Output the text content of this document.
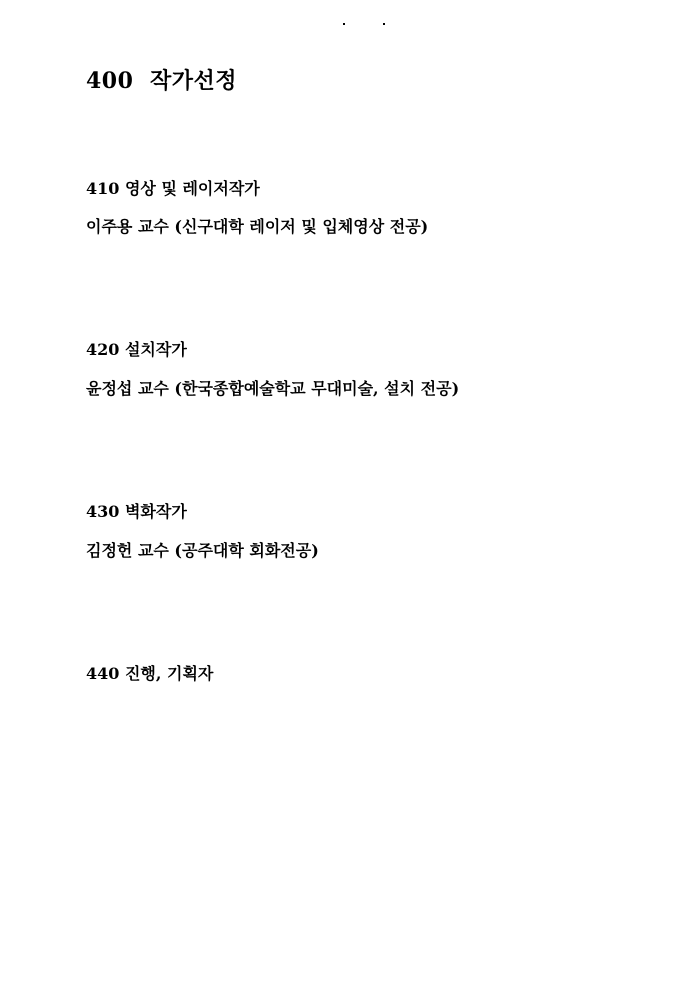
400 작가선정
410 영상 및 레이저작가
이주용 교수 (신구대학 레이저 및 입체영상 전공)
420 설치작가
윤정섭 교수 (한국종합예술학교 무대미술, 설치 전공)
430 벽화작가
김정헌 교수 (공주대학 회화전공)
440 진행, 기획자
